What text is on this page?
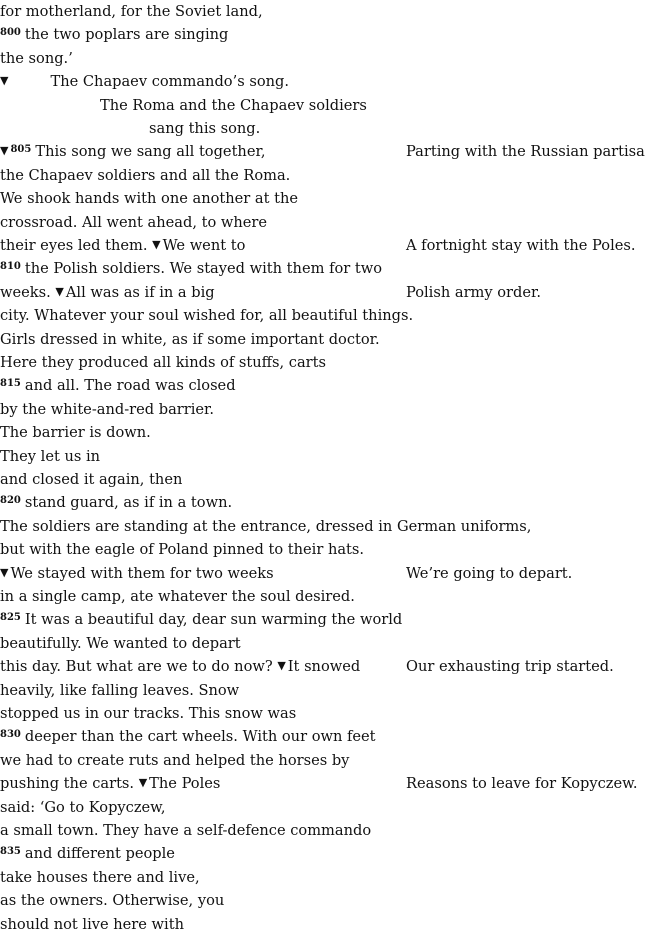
for motherland, for the Soviet land,
$^{800}$ the two poplars are singing
the song.’
▼	The Chapaev commando’s song.
The Roma and the Chapaev soldiers
sang this song.
▼ $^{805}$ This song we sang all together,	Parting with the Russian partisa
the Chapaev soldiers and all the Roma.
We shook hands with one another at the
crossroad. All went ahead, to where
their eyes led them. ▼ We went to	A fortnight stay with the Poles.
$^{810}$ the Polish soldiers. We stayed with them for two
weeks. ▼ All was as if in a big	Polish army order.
city. Whatever your soul wished for, all beautiful things.
Girls dressed in white, as if some important doctor.
Here they produced all kinds of stuffs, carts
$^{815}$ and all. The road was closed
by the white-and-red barrier.
The barrier is down.
They let us in
and closed it again, then
$^{820}$ stand guard, as if in a town.
The soldiers are standing at the entrance, dressed in German uniforms,
but with the eagle of Poland pinned to their hats.
▼ We stayed with them for two weeks	We’re going to depart.
in a single camp, ate whatever the soul desired.
$^{825}$ It was a beautiful day, dear sun warming the world
beautifully. We wanted to depart
this day. But what are we to do now? ▼ It snowed	Our exhausting trip started.
heavily, like falling leaves. Snow
stopped us in our tracks. This snow was
$^{830}$ deeper than the cart wheels. With our own feet
we had to create ruts and helped the horses by
pushing the carts. ▼ The Poles	Reasons to leave for Kopyczew.
said: ‘Go to Kopyczew,
a small town. They have a self-defence commando
$^{835}$ and different people
take houses there and live,
as the owners. Otherwise, you
should not live here with
